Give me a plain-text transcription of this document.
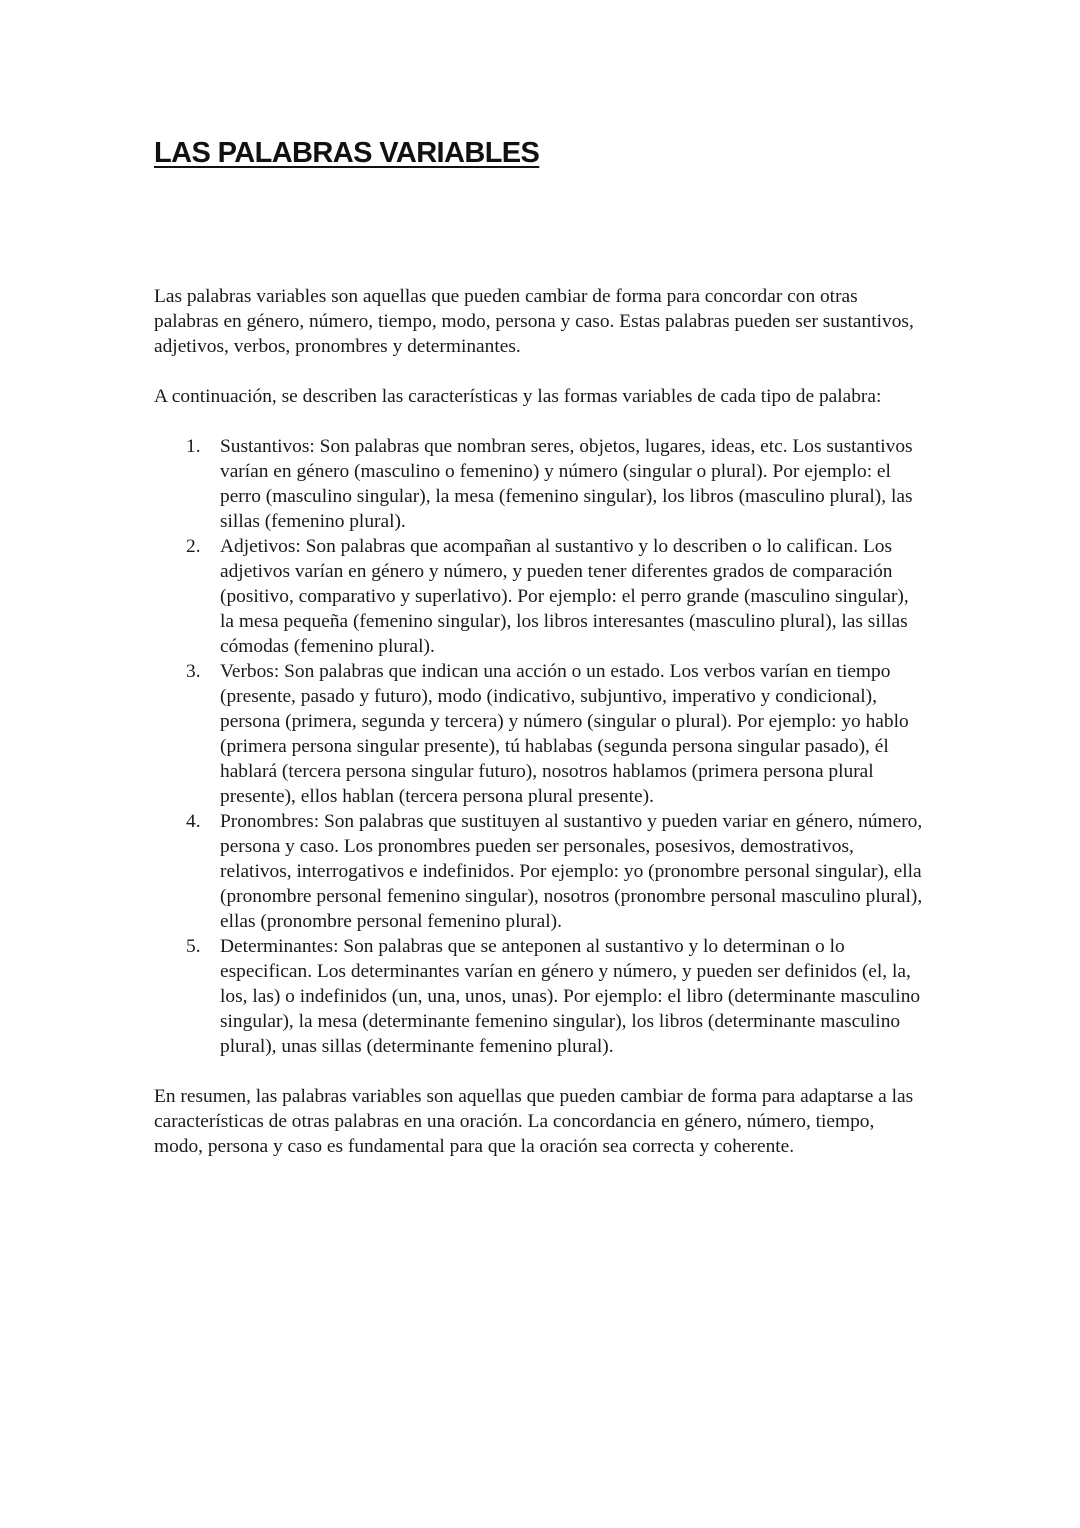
LAS PALABRAS VARIABLES

Las palabras variables son aquellas que pueden cambiar de forma para concordar con otras palabras en género, número, tiempo, modo, persona y caso. Estas palabras pueden ser sustantivos, adjetivos, verbos, pronombres y determinantes.

A continuación, se describen las características y las formas variables de cada tipo de palabra:

1. Sustantivos: Son palabras que nombran seres, objetos, lugares, ideas, etc. Los sustantivos varían en género (masculino o femenino) y número (singular o plural). Por ejemplo: el perro (masculino singular), la mesa (femenino singular), los libros (masculino plural), las sillas (femenino plural).
2. Adjetivos: Son palabras que acompañan al sustantivo y lo describen o lo califican. Los adjetivos varían en género y número, y pueden tener diferentes grados de comparación (positivo, comparativo y superlativo). Por ejemplo: el perro grande (masculino singular), la mesa pequeña (femenino singular), los libros interesantes (masculino plural), las sillas cómodas (femenino plural).
3. Verbos: Son palabras que indican una acción o un estado. Los verbos varían en tiempo (presente, pasado y futuro), modo (indicativo, subjuntivo, imperativo y condicional), persona (primera, segunda y tercera) y número (singular o plural). Por ejemplo: yo hablo (primera persona singular presente), tú hablabas (segunda persona singular pasado), él hablará (tercera persona singular futuro), nosotros hablamos (primera persona plural presente), ellos hablan (tercera persona plural presente).
4. Pronombres: Son palabras que sustituyen al sustantivo y pueden variar en género, número, persona y caso. Los pronombres pueden ser personales, posesivos, demostrativos, relativos, interrogativos e indefinidos. Por ejemplo: yo (pronombre personal singular), ella (pronombre personal femenino singular), nosotros (pronombre personal masculino plural), ellas (pronombre personal femenino plural).
5. Determinantes: Son palabras que se anteponen al sustantivo y lo determinan o lo especifican. Los determinantes varían en género y número, y pueden ser definidos (el, la, los, las) o indefinidos (un, una, unos, unas). Por ejemplo: el libro (determinante masculino singular), la mesa (determinante femenino singular), los libros (determinante masculino plural), unas sillas (determinante femenino plural).

En resumen, las palabras variables son aquellas que pueden cambiar de forma para adaptarse a las características de otras palabras en una oración. La concordancia en género, número, tiempo, modo, persona y caso es fundamental para que la oración sea correcta y coherente.
